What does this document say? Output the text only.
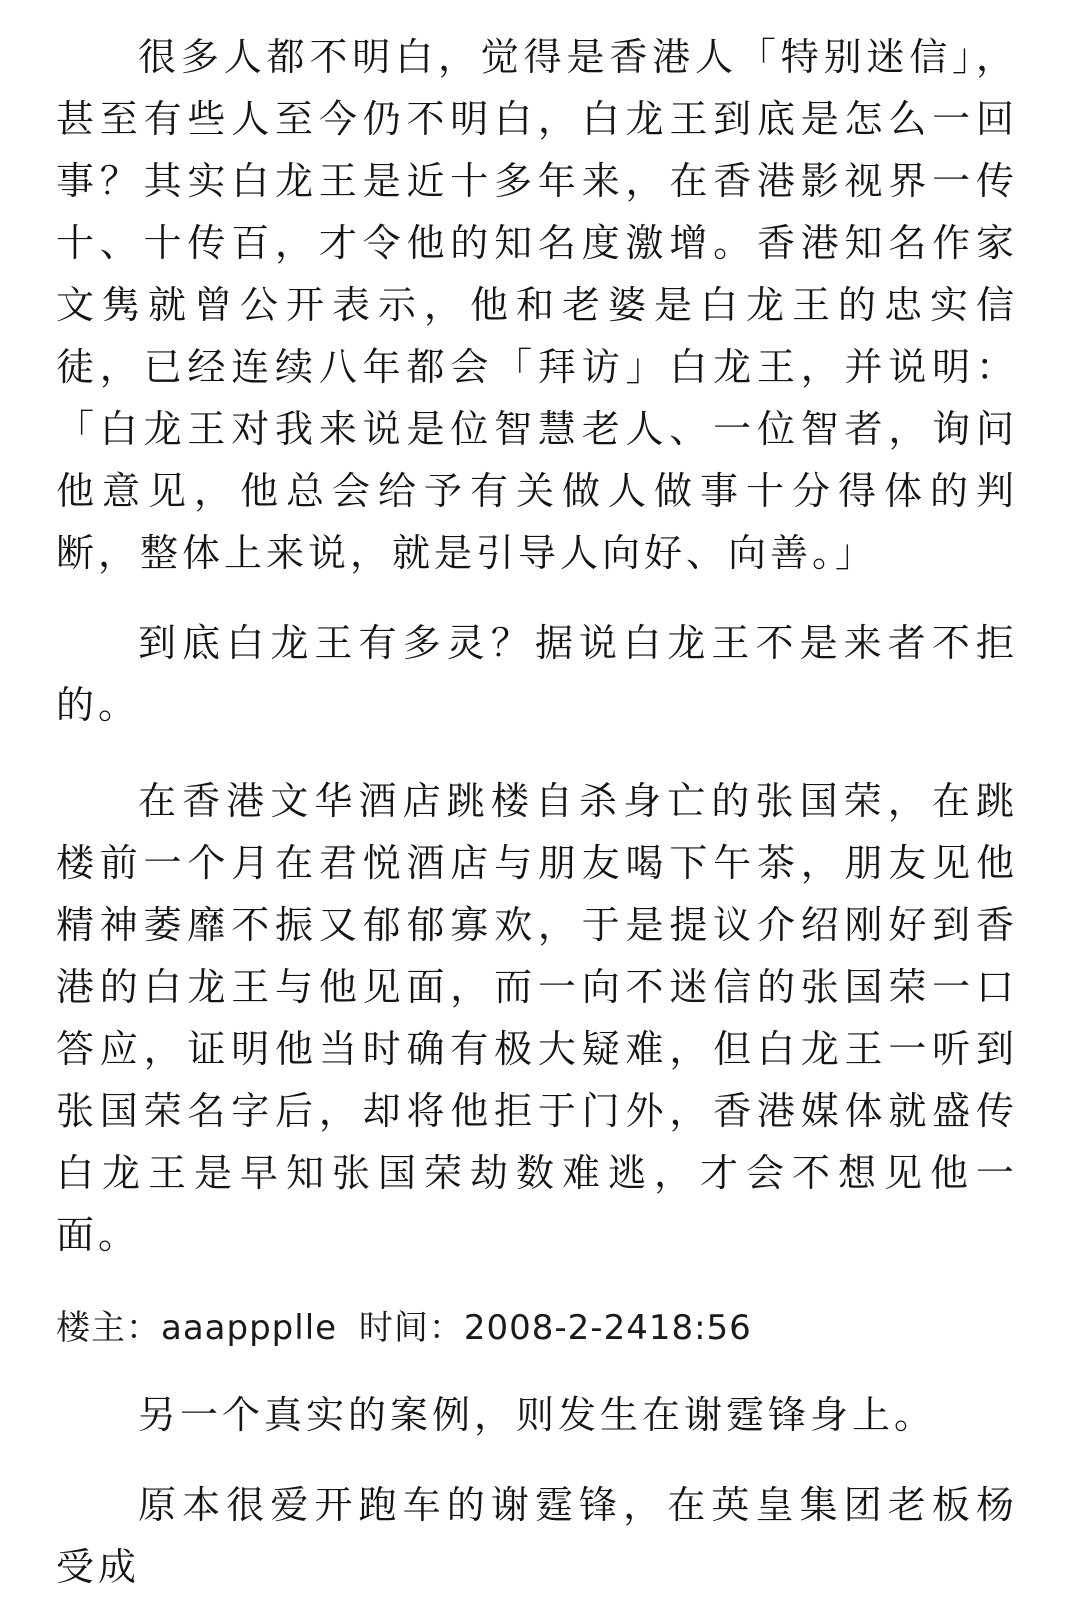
很多人都不明白，觉得是香港人「特别迷信」，甚至有些人至今仍不明白，白龙王到底是怎么一回事？其实白龙王是近十多年来，在香港影视界一传十、十传百，才令他的知名度激增。香港知名作家文隽就曾公开表示，他和老婆是白龙王的忠实信徒，已经连续八年都会「拜访」白龙王，并说明：「白龙王对我来说是位智慧老人、一位智者，询问他意见，他总会给予有关做人做事十分得体的判断，整体上来说，就是引导人向好、向善。」

到底白龙王有多灵？据说白龙王不是来者不拒的。

在香港文华酒店跳楼自杀身亡的张国荣，在跳楼前一个月在君悦酒店与朋友喝下午茶，朋友见他精神萎靡不振又郁郁寡欢，于是提议介绍刚好到香港的白龙王与他见面，而一向不迷信的张国荣一口答应，证明他当时确有极大疑难，但白龙王一听到张国荣名字后，却将他拒于门外，香港媒体就盛传白龙王是早知张国荣劫数难逃，才会不想见他一面。

楼主：aaappplle 时间：2008-2-2418:56

另一个真实的案例，则发生在谢霆锋身上。

原本很爱开跑车的谢霆锋，在英皇集团老板杨受成
